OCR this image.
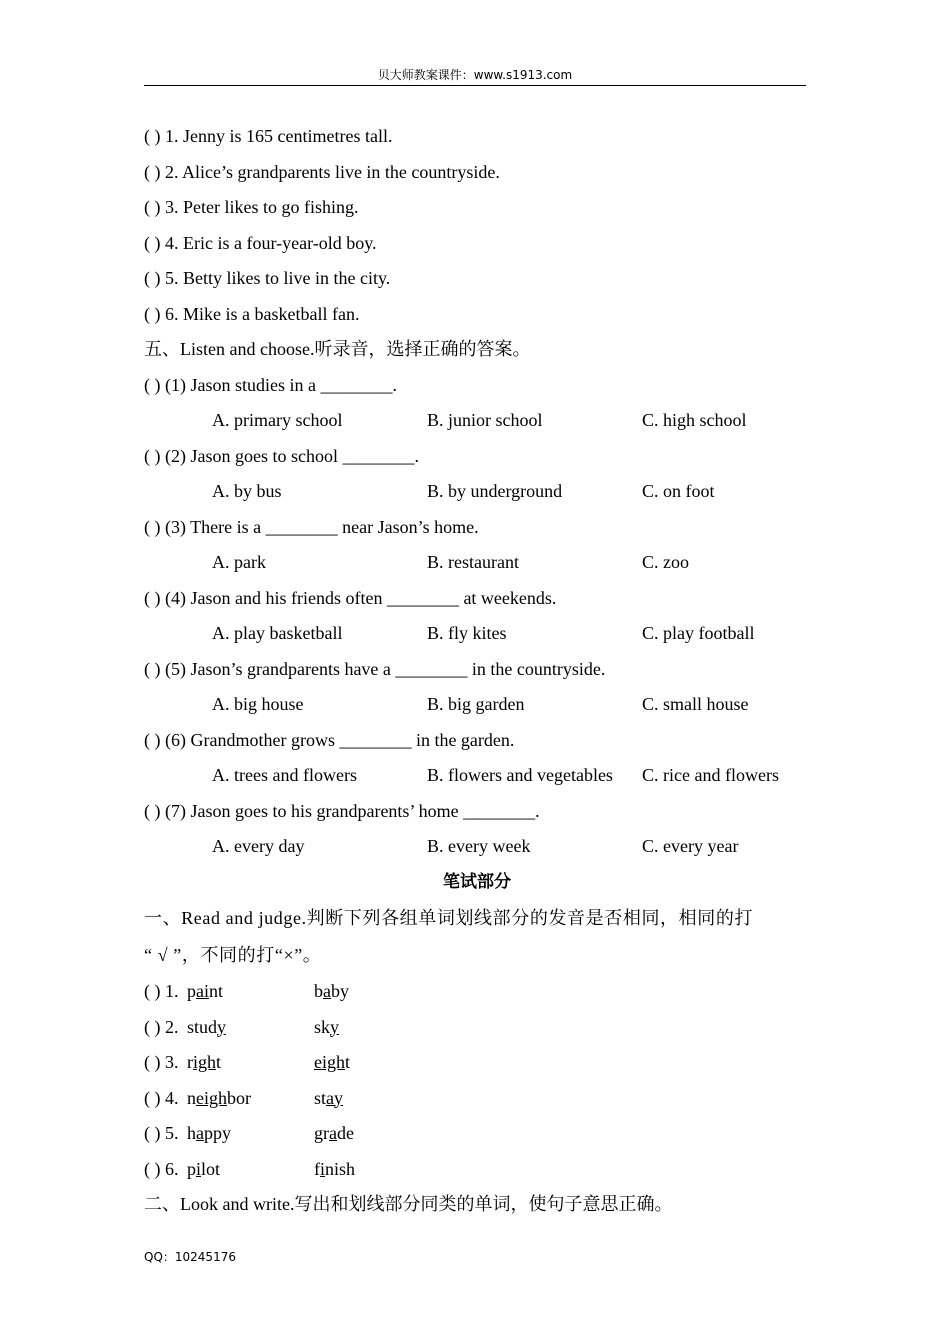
贝大师教案课件：www.s1913.com
( ) 1. Jenny is 165 centimetres tall.
( ) 2. Alice’s grandparents live in the countryside.
( ) 3. Peter likes to go fishing.
( ) 4. Eric is a four-year-old boy.
( ) 5. Betty likes to live in the city.
( ) 6. Mike is a basketball fan.
五、Listen and choose.听录音，选择正确的答案。
( ) (1) Jason studies in a ________.
A. primary school	B. junior school	C. high school
( ) (2) Jason goes to school ________.
A. by bus	B. by underground	C. on foot
( ) (3) There is a ________ near Jason’s home.
A. park	B. restaurant	C. zoo
( ) (4) Jason and his friends often ________ at weekends.
A. play basketball	B. fly kites	C. play football
( ) (5) Jason’s grandparents have a ________ in the countryside.
A. big house	B. big garden	C. small house
( ) (6) Grandmother grows ________ in the garden.
A. trees and flowers	B. flowers and vegetables C. rice and flowers
( ) (7) Jason goes to his grandparents’ home ________.
A. every day	B. every week	C. every year
笔试部分
一、Read and judge.判断下列各组单词划线部分的发音是否相同，相同的打
“ √ ”，不同的打“×”。
( ) 1. paint	baby
( ) 2. study	sky
( ) 3. right	eight
( ) 4. neighbor	stay
( ) 5. happy	grade
( ) 6. pilot	finish
二、Look and write.写出和划线部分同类的单词，使句子意思正确。
QQ：10245176
